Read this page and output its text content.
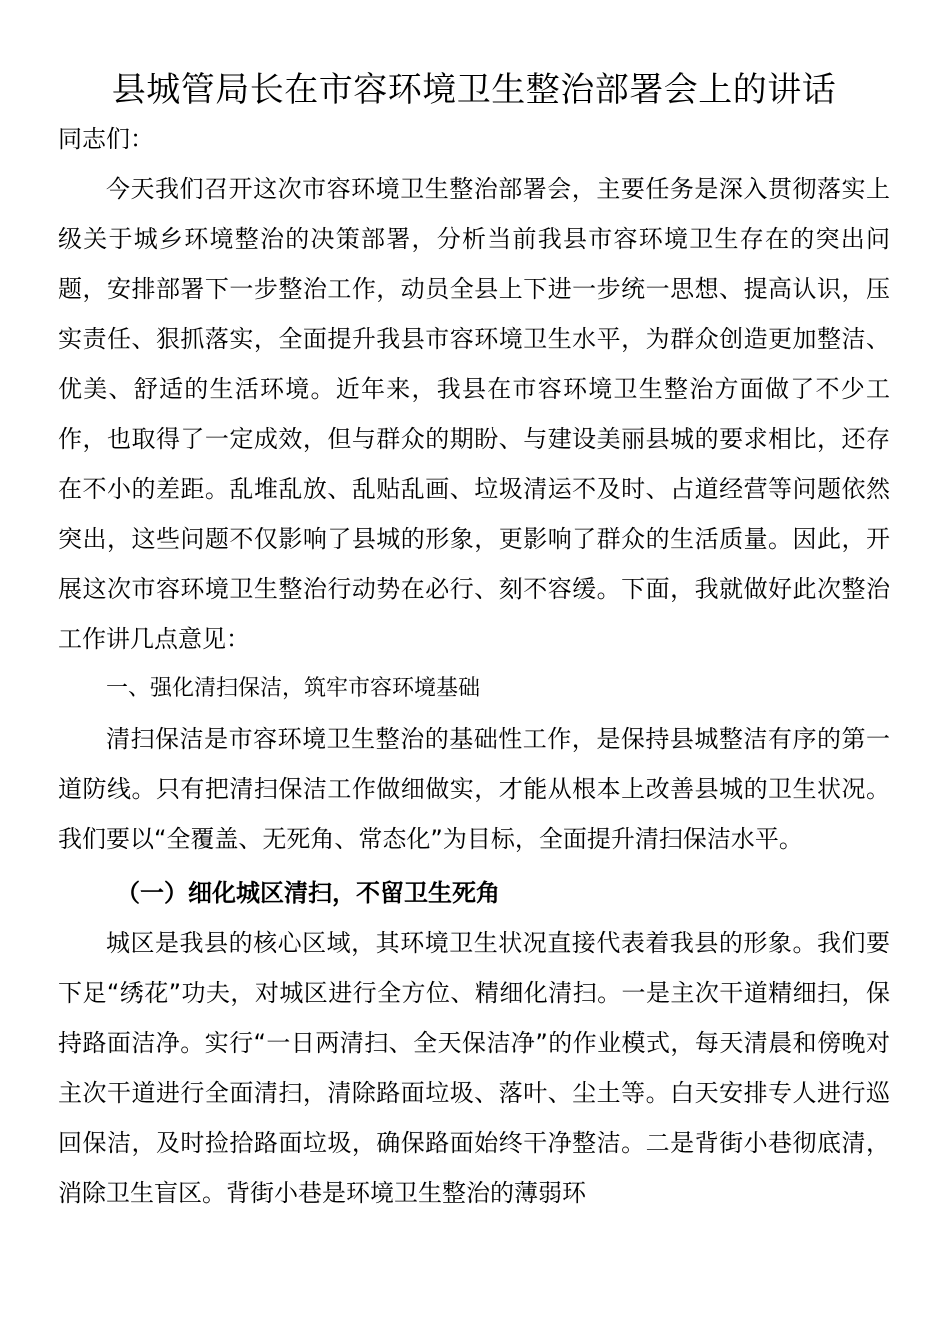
县城管局长在市容环境卫生整治部署会上的讲话

同志们：

今天我们召开这次市容环境卫生整治部署会，主要任务是深入贯彻落实上级关于城乡环境整治的决策部署，分析当前我县市容环境卫生存在的突出问题，安排部署下一步整治工作，动员全县上下进一步统一思想、提高认识，压实责任、狠抓落实，全面提升我县市容环境卫生水平，为群众创造更加整洁、优美、舒适的生活环境。近年来，我县在市容环境卫生整治方面做了不少工作，也取得了一定成效，但与群众的期盼、与建设美丽县城的要求相比，还存在不小的差距。乱堆乱放、乱贴乱画、垃圾清运不及时、占道经营等问题依然突出，这些问题不仅影响了县城的形象，更影响了群众的生活质量。因此，开展这次市容环境卫生整治行动势在必行、刻不容缓。下面，我就做好此次整治工作讲几点意见：

一、强化清扫保洁，筑牢市容环境基础

清扫保洁是市容环境卫生整治的基础性工作，是保持县城整洁有序的第一道防线。只有把清扫保洁工作做细做实，才能从根本上改善县城的卫生状况。我们要以“全覆盖、无死角、常态化”为目标，全面提升清扫保洁水平。

（一）细化城区清扫，不留卫生死角

城区是我县的核心区域，其环境卫生状况直接代表着我县的形象。我们要下足“绣花”功夫，对城区进行全方位、精细化清扫。一是主次干道精细扫，保持路面洁净。实行“一日两清扫、全天保洁净”的作业模式，每天清晨和傍晚对主次干道进行全面清扫，清除路面垃圾、落叶、尘土等。白天安排专人进行巡回保洁，及时捡拾路面垃圾，确保路面始终干净整洁。二是背街小巷彻底清，消除卫生盲区。背街小巷是环境卫生整治的薄弱环
